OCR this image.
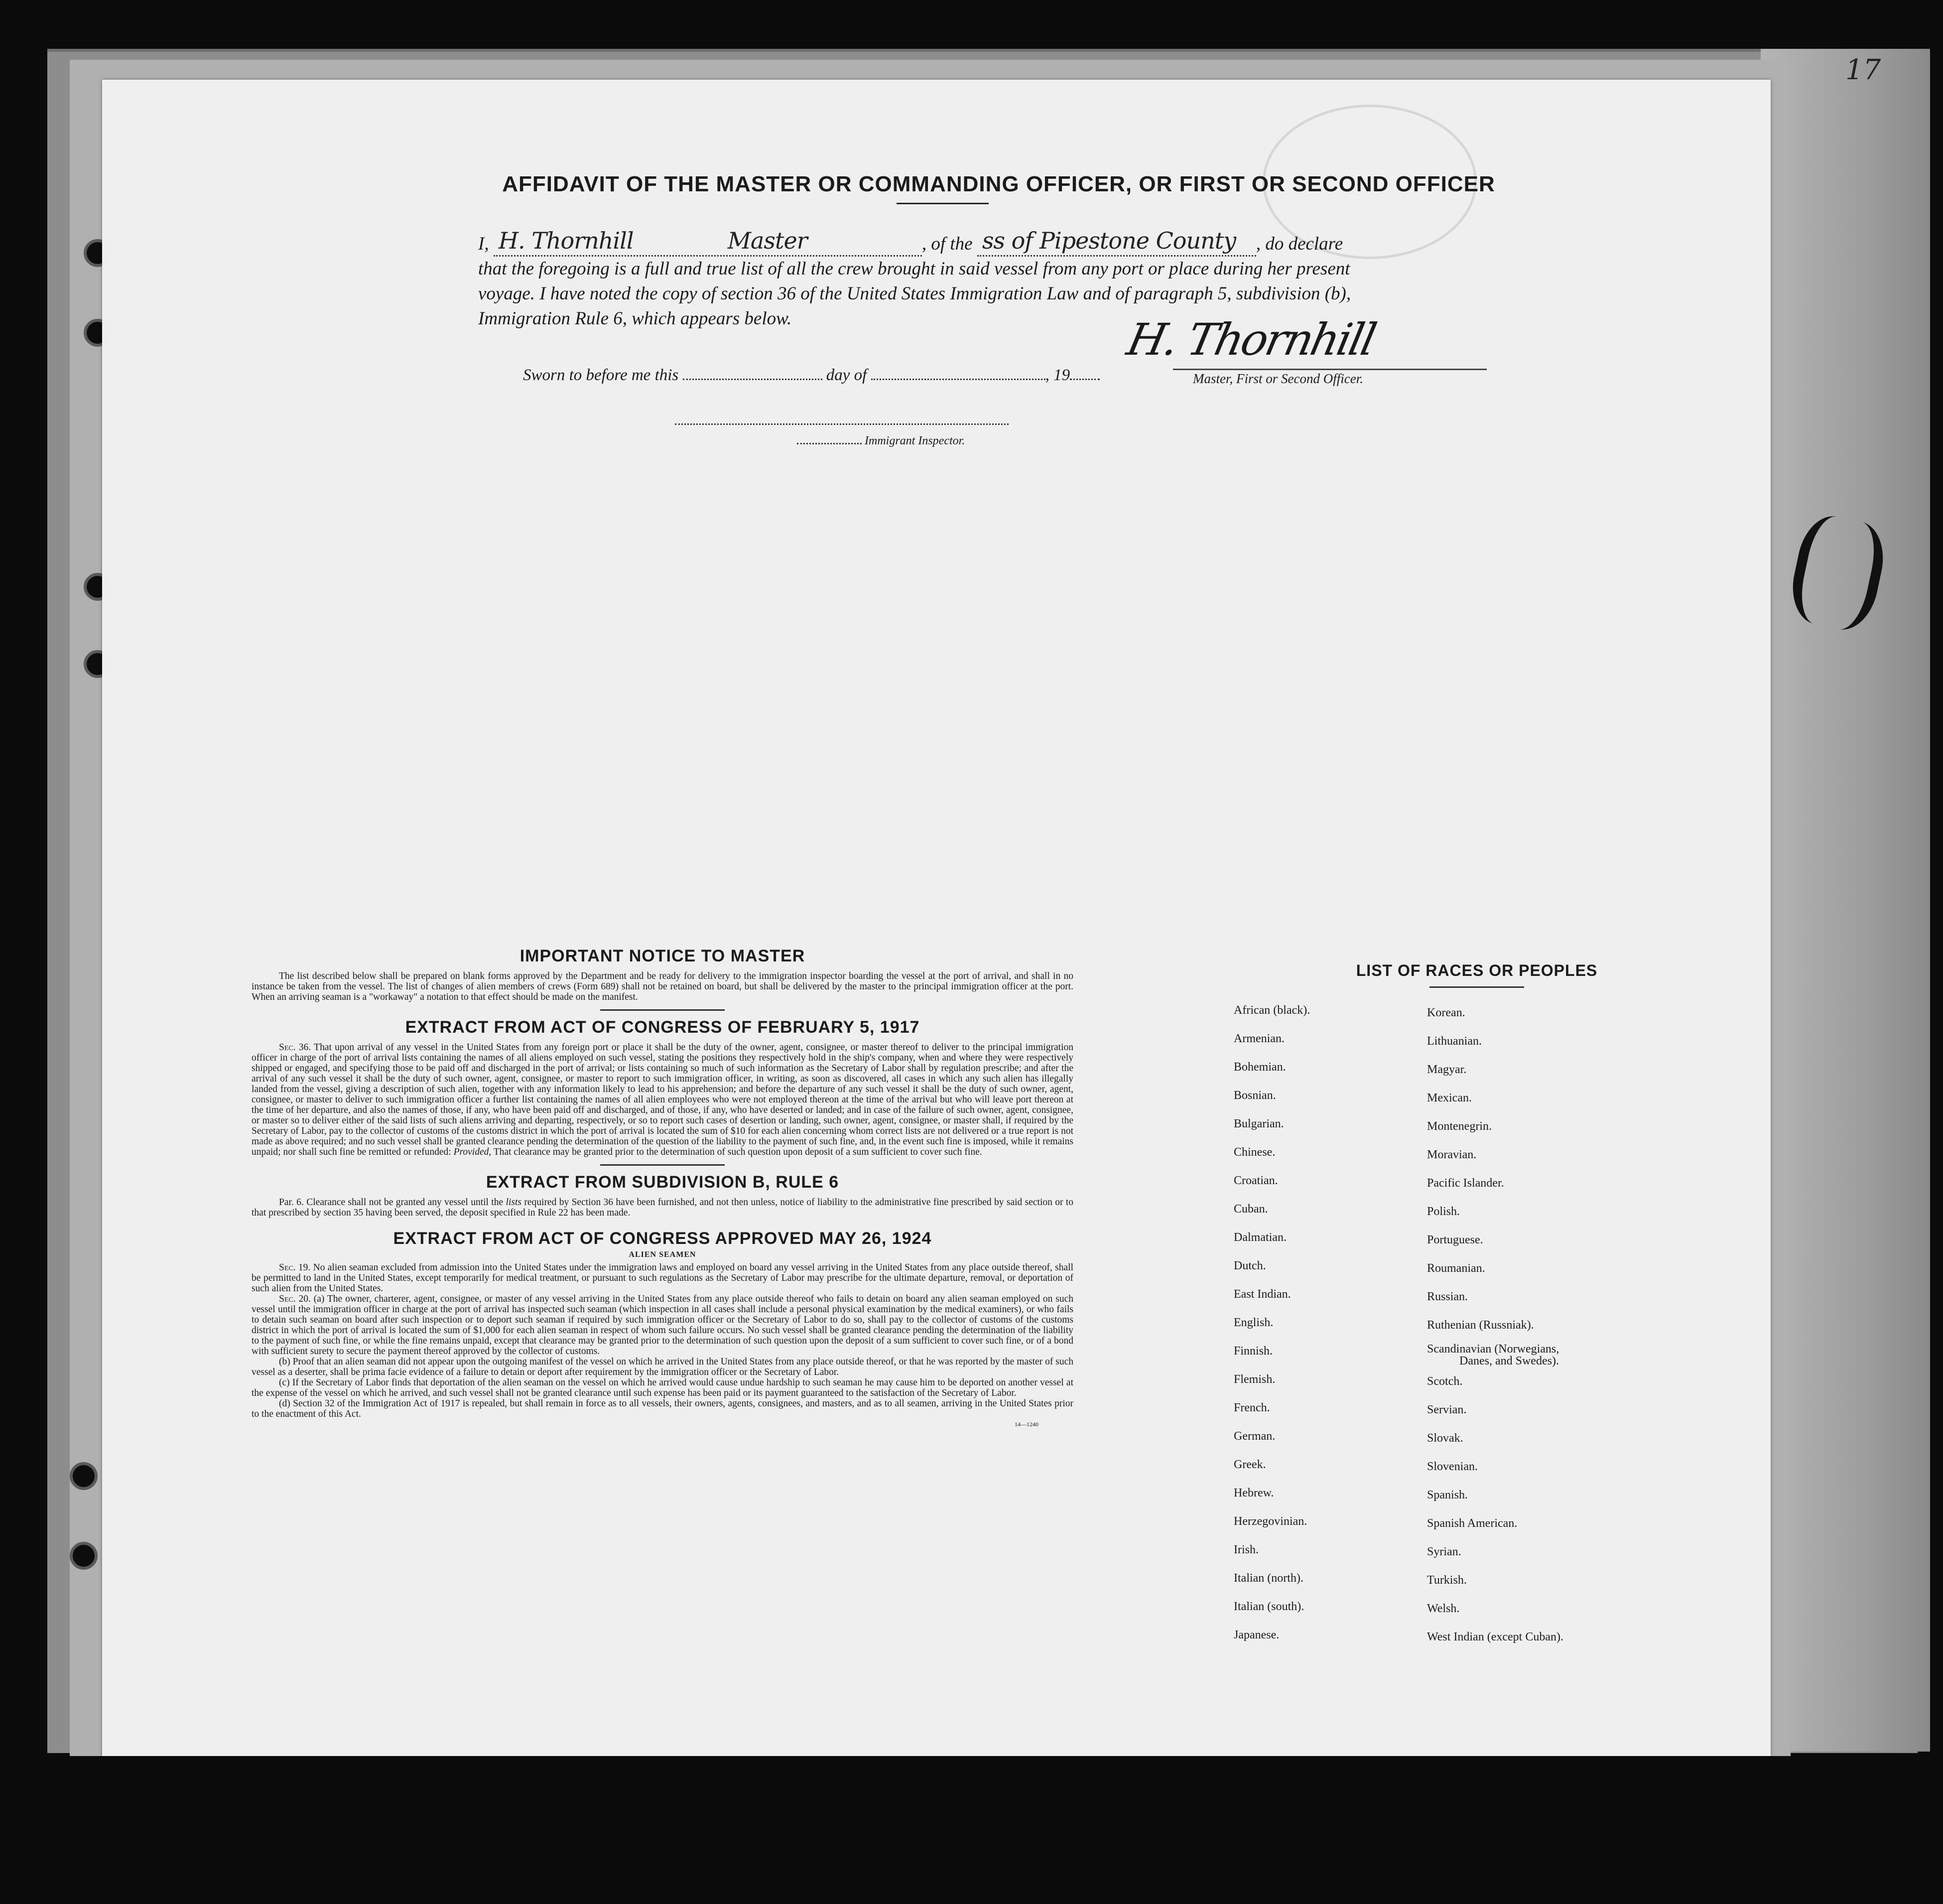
17
AFFIDAVIT OF THE MASTER OR COMMANDING OFFICER, OR FIRST OR SECOND OFFICER
I, H. Thornhill	Master	, of the ss of Pipestone County , do declare
that the foregoing is a full and true list of all the crew brought in said vessel from any port or place during her present
voyage. I have noted the copy of section 36 of the United States Immigration Law and of paragraph 5, subdivision (b),
Immigration Rule 6, which appears below.	H. Thornhill
Master, First or Second Officer.
Sworn to before me this	day of	, 19
Immigrant Inspector.

IMPORTANT NOTICE TO MASTER

The list described below shall be prepared on blank forms approved by the Department and be ready for delivery to the immigration inspector boarding the vessel at the port of arrival, and shall in no instance be taken from the vessel. The list of changes of alien members of crews (Form 689) shall not be retained on board, but shall be delivered by the master to the principal immigration officer at the port. When an arriving seaman is a "workaway" a notation to that effect should be made on the manifest.

EXTRACT FROM ACT OF CONGRESS OF FEBRUARY 5, 1917

Sec. 36. That upon arrival of any vessel in the United States from any foreign port or place it shall be the duty of the owner, agent, consignee, or master thereof to deliver to the principal immigration officer in charge of the port of arrival lists containing the names of all aliens employed on such vessel, stating the positions they respectively hold in the ship's company, when and where they were respectively shipped or engaged, and specifying those to be paid off and discharged in the port of arrival; or lists containing so much of such information as the Secretary of Labor shall by regulation prescribe; and after the arrival of any such vessel it shall be the duty of such owner, agent, consignee, or master to report to such immigration officer, in writing, as soon as discovered, all cases in which any such alien has illegally landed from the vessel, giving a description of such alien, together with any information likely to lead to his apprehension; and before the departure of any such vessel it shall be the duty of such owner, agent, consignee, or master to deliver to such immigration officer a further list containing the names of all alien employees who were not employed thereon at the time of the arrival but who will leave port thereon at the time of her departure, and also the names of those, if any, who have been paid off and discharged, and of those, if any, who have deserted or landed; and in case of the failure of such owner, agent, consignee, or master so to deliver either of the said lists of such aliens arriving and departing, respectively, or so to report such cases of desertion or landing, such owner, agent, consignee, or master shall, if required by the Secretary of Labor, pay to the collector of customs of the customs district in which the port of arrival is located the sum of $10 for each alien concerning whom correct lists are not delivered or a true report is not made as above required; and no such vessel shall be granted clearance pending the determination of the question of the liability to the payment of such fine, and, in the event such fine is imposed, while it remains unpaid; nor shall such fine be remitted or refunded: Provided, That clearance may be granted prior to the determination of such question upon deposit of a sum sufficient to cover such fine.

EXTRACT FROM SUBDIVISION B, RULE 6

Par. 6. Clearance shall not be granted any vessel until the lists required by Section 36 have been furnished, and not then unless, notice of liability to the administrative fine prescribed by said section or to that prescribed by section 35 having been served, the deposit specified in Rule 22 has been made.

EXTRACT FROM ACT OF CONGRESS APPROVED MAY 26, 1924

ALIEN SEAMEN

Sec. 19. No alien seaman excluded from admission into the United States under the immigration laws and employed on board any vessel arriving in the United States from any place outside thereof, shall be permitted to land in the United States, except temporarily for medical treatment, or pursuant to such regulations as the Secretary of Labor may prescribe for the ultimate departure, removal, or deportation of such alien from the United States.

Sec. 20. (a) The owner, charterer, agent, consignee, or master of any vessel arriving in the United States from any place outside thereof who fails to detain on board any alien seaman employed on such vessel until the immigration officer in charge at the port of arrival has inspected such seaman (which inspection in all cases shall include a personal physical examination by the medical examiners), or who fails to detain such seaman on board after such inspection or to deport such seaman if required by such immigration officer or the Secretary of Labor to do so, shall pay to the collector of customs of the customs district in which the port of arrival is located the sum of $1,000 for each alien seaman in respect of whom such failure occurs. No such vessel shall be granted clearance pending the determination of the liability to the payment of such fine, or while the fine remains unpaid, except that clearance may be granted prior to the determination of such question upon the deposit of a sum sufficient to cover such fine, or of a bond with sufficient surety to secure the payment thereof approved by the collector of customs.

(b) Proof that an alien seaman did not appear upon the outgoing manifest of the vessel on which he arrived in the United States from any place outside thereof, or that he was reported by the master of such vessel as a deserter, shall be prima facie evidence of a failure to detain or deport after requirement by the immigration officer or the Secretary of Labor.

(c) If the Secretary of Labor finds that deportation of the alien seaman on the vessel on which he arrived would cause undue hardship to such seaman he may cause him to be deported on another vessel at the expense of the vessel on which he arrived, and such vessel shall not be granted clearance until such expense has been paid or its payment guaranteed to the satisfaction of the Secretary of Labor.

(d) Section 32 of the Immigration Act of 1917 is repealed, but shall remain in force as to all vessels, their owners, agents, consignees, and masters, and as to all seamen, arriving in the United States prior to the enactment of this Act.

14—1240

LIST OF RACES OR PEOPLES
African (black).
Armenian.
Bohemian.
Bosnian.
Bulgarian.
Chinese.
Croatian.
Cuban.
Dalmatian.
Dutch.
East Indian.
English.
Finnish.
Flemish.
French.
German.
Greek.
Hebrew.
Herzegovinian.
Irish.
Italian (north).
Italian (south).
Japanese.
Korean.
Lithuanian.
Magyar.
Mexican.
Montenegrin.
Moravian.
Pacific Islander.
Polish.
Portuguese.
Roumanian.
Russian.
Ruthenian (Russniak).
Scandinavian (Norwegians,
Danes, and Swedes).
Scotch.
Servian.
Slovak.
Slovenian.
Spanish.
Spanish American.
Syrian.
Turkish.
Welsh.
West Indian (except Cuban).
